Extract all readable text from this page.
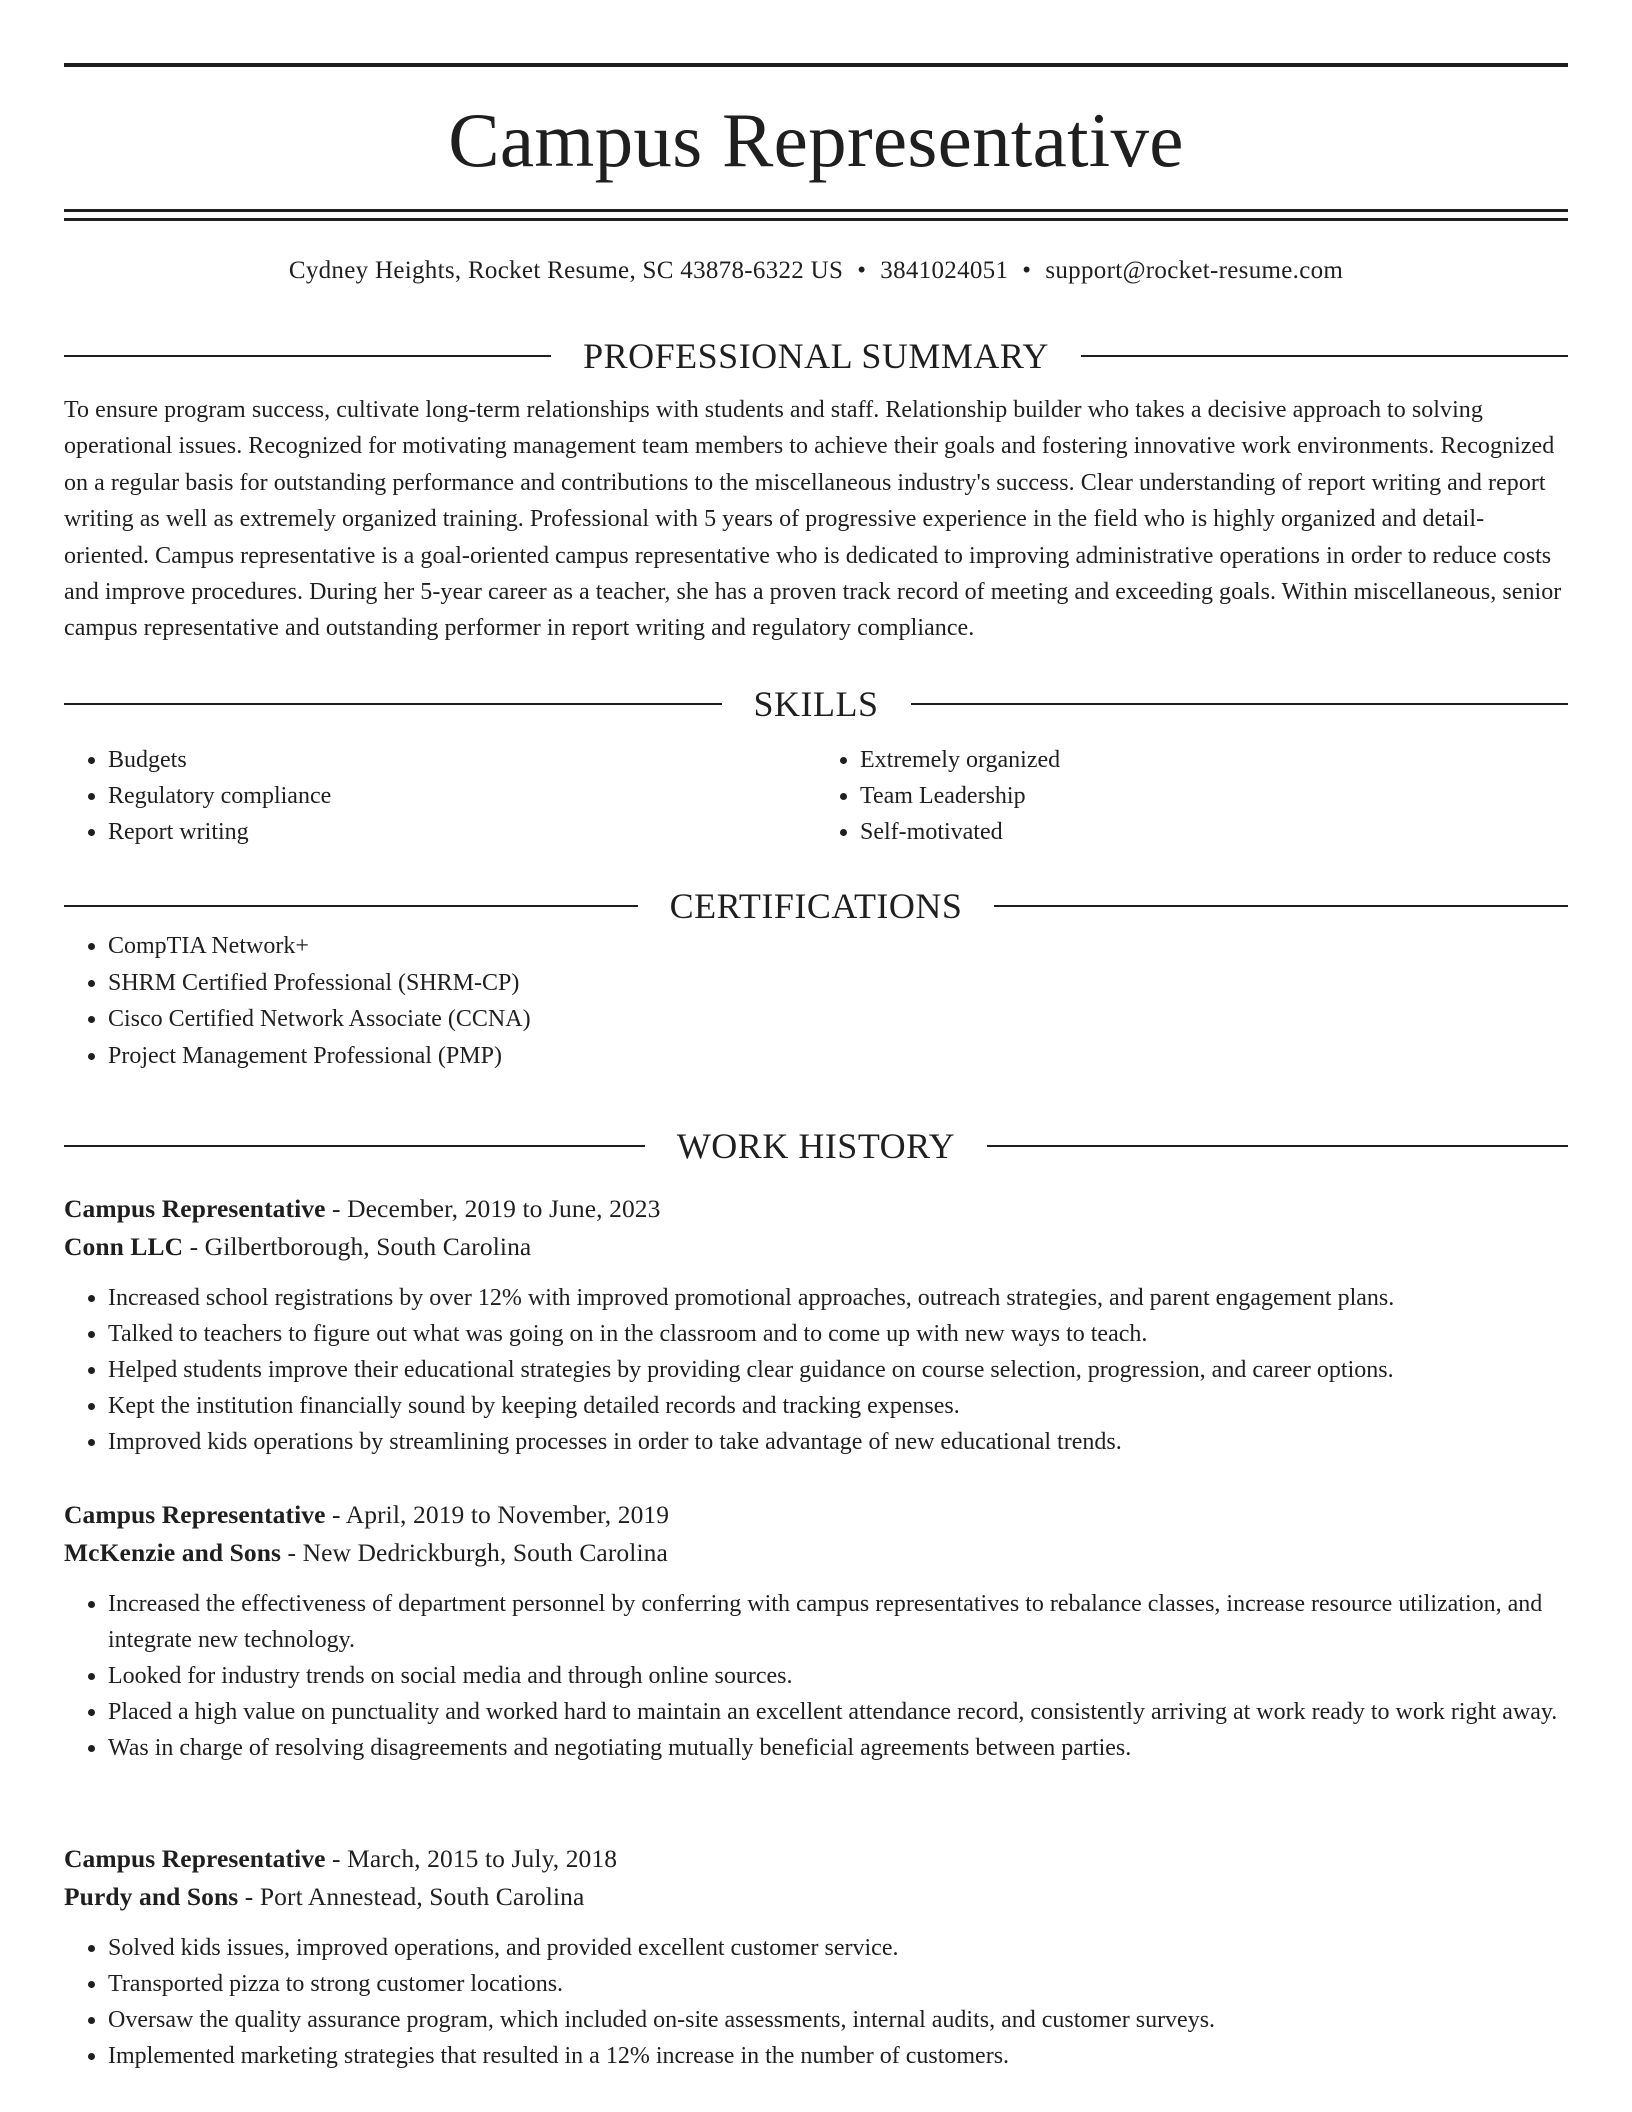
Campus Representative
Cydney Heights, Rocket Resume, SC 43878-6322 US • 3841024051 • support@rocket-resume.com
PROFESSIONAL SUMMARY

To ensure program success, cultivate long-term relationships with students and staff. Relationship builder who takes a decisive approach to solving operational issues. Recognized for motivating management team members to achieve their goals and fostering innovative work environments. Recognized on a regular basis for outstanding performance and contributions to the miscellaneous industry's success. Clear understanding of report writing and report writing as well as extremely organized training. Professional with 5 years of progressive experience in the field who is highly organized and detail-oriented. Campus representative is a goal-oriented campus representative who is dedicated to improving administrative operations in order to reduce costs and improve procedures. During her 5-year career as a teacher, she has a proven track record of meeting and exceeding goals. Within miscellaneous, senior campus representative and outstanding performer in report writing and regulatory compliance.

SKILLS
• Budgets
• Regulatory compliance
• Report writing
• Extremely organized
• Team Leadership
• Self-motivated
CERTIFICATIONS
• CompTIA Network+
• SHRM Certified Professional (SHRM-CP)
• Cisco Certified Network Associate (CCNA)
• Project Management Professional (PMP)
WORK HISTORY
Campus Representative - December, 2019 to June, 2023
Conn LLC - Gilbertborough, South Carolina
• Increased school registrations by over 12% with improved promotional approaches, outreach strategies, and parent engagement plans.
• Talked to teachers to figure out what was going on in the classroom and to come up with new ways to teach.
• Helped students improve their educational strategies by providing clear guidance on course selection, progression, and career options.
• Kept the institution financially sound by keeping detailed records and tracking expenses.
• Improved kids operations by streamlining processes in order to take advantage of new educational trends.
Campus Representative - April, 2019 to November, 2019
McKenzie and Sons - New Dedrickburgh, South Carolina
• Increased the effectiveness of department personnel by conferring with campus representatives to rebalance classes, increase resource utilization, and integrate new technology.
• Looked for industry trends on social media and through online sources.
• Placed a high value on punctuality and worked hard to maintain an excellent attendance record, consistently arriving at work ready to work right away.
• Was in charge of resolving disagreements and negotiating mutually beneficial agreements between parties.
Campus Representative - March, 2015 to July, 2018
Purdy and Sons - Port Annestead, South Carolina
• Solved kids issues, improved operations, and provided excellent customer service.
• Transported pizza to strong customer locations.
• Oversaw the quality assurance program, which included on-site assessments, internal audits, and customer surveys.
• Implemented marketing strategies that resulted in a 12% increase in the number of customers.
